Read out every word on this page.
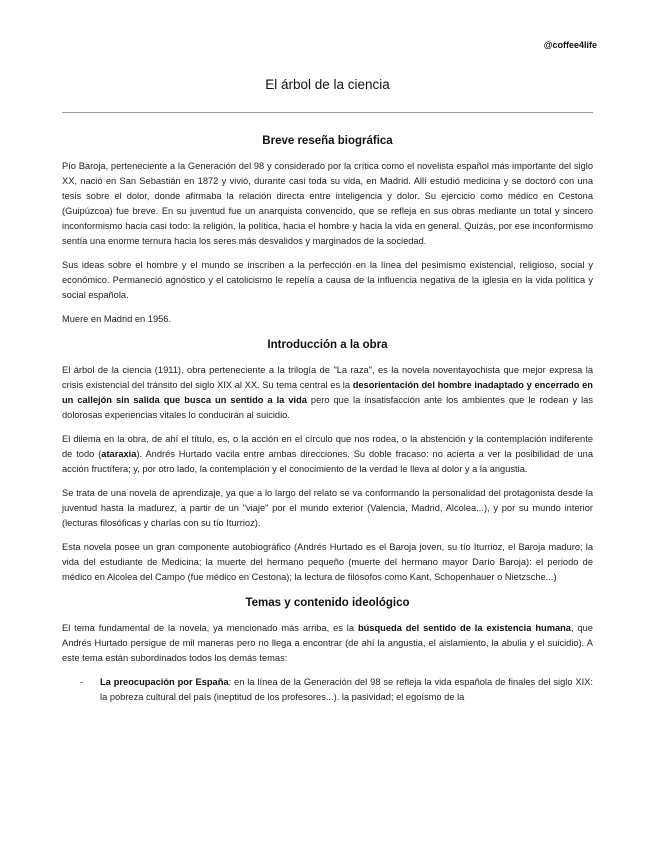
@coffee4life
El árbol de la ciencia
Breve reseña biográfica

Pío Baroja, perteneciente a la Generación del 98 y considerado por la crítica como el novelista español más importante del siglo XX, nació en San Sebastián en 1872 y vivió, durante casi toda su vida, en Madrid. Allí estudió medicina y se doctoró con una tesis sobre el dolor, donde afirmaba la relación directa entre inteligencia y dolor. Su ejercicio como médico en Cestona (Guipúzcoa) fue breve. En su juventud fue un anarquista convencido, que se refleja en sus obras mediante un total y sincero inconformismo hacia casi todo: la religión, la política, hacia el hombre y hacia la vida en general. Quizás, por ese inconformismo sentía una enorme ternura hacia los seres más desvalidos y marginados de la sociedad.

Sus ideas sobre el hombre y el mundo se inscriben a la perfección en la línea del pesimismo existencial, religioso, social y económico. Permaneció agnóstico y el catolicismo le repelía a causa de la influencia negativa de la iglesia en la vida política y social española.

Muere en Madrid en 1956.

Introducción a la obra

El árbol de la ciencia (1911), obra perteneciente a la trilogía de "La raza", es la novela noventayochista que mejor expresa la crisis existencial del tránsito del siglo XIX al XX. Su tema central es la desorientación del hombre inadaptado y encerrado en un callejón sin salida que busca un sentido a la vida pero que la insatisfacción ante los ambientes que le rodean y las dolorosas experiencias vitales lo conducirán al suicidio.

El dilema en la obra, de ahí el título, es, o la acción en el círculo que nos rodea, o la abstención y la contemplación indiferente de todo (ataraxia). Andrés Hurtado vacila entre ambas direcciones. Su doble fracaso: no acierta a ver la posibilidad de una acción fructífera; y, por otro lado, la contemplación y el conocimiento de la verdad le lleva al dolor y a la angustia.

Se trata de una novela de aprendizaje, ya que a lo largo del relato se va conformando la personalidad del protagonista desde la juventud hasta la madurez, a partir de un "viaje" por el mundo exterior (Valencia, Madrid, Alcolea...), y por su mundo interior (lecturas filosóficas y charlas con su tío Iturrioz).

Esta novela posee un gran componente autobiográfico (Andrés Hurtado es el Baroja joven, su tío Iturrioz, el Baroja maduro; la vida del estudiante de Medicina; la muerte del hermano pequeño (muerte del hermano mayor Darío Baroja): el periodo de médico en Alcolea del Campo (fue médico en Cestona); la lectura de filósofos como Kant, Schopenhauer o Nietzsche...)

Temas y contenido ideológico

El tema fundamental de la novela, ya mencionado más arriba, es la búsqueda del sentido de la existencia humana, que Andrés Hurtado persigue de mil maneras pero no llega a encontrar (de ahí la angustia, el aislamiento, la abulia y el suicidio). A este tema están subordinados todos los demás temas:

- La preocupación por España: en la línea de la Generación del 98 se refleja la vida española de finales del siglo XIX: la pobreza cultural del país (ineptitud de los profesores...). la pasividad; el egoísmo de la
